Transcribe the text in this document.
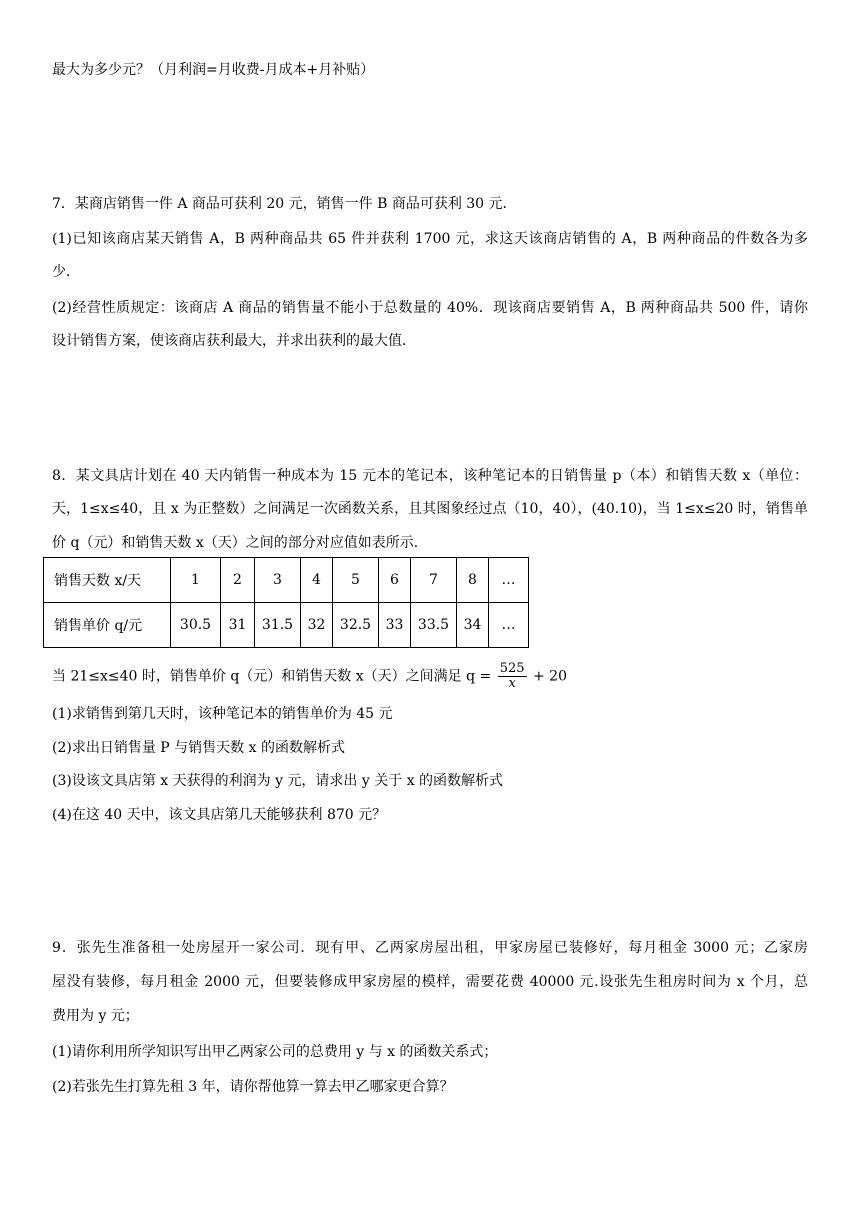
最大为多少元？（月利润=月收费-月成本+月补贴）
7．某商店销售一件 A 商品可获利 20 元，销售一件 B 商品可获利 30 元．
(1)已知该商店某天销售 A，B 两种商品共 65 件并获利 1700 元，求这天该商店销售的 A，B 两种商品的件数各为多
少．
(2)经营性质规定：该商店 A 商品的销售量不能小于总数量的 40%．现该商店要销售 A，B 两种商品共 500 件，请你
设计销售方案，使该商店获利最大，并求出获利的最大值．
8．某文具店计划在 40 天内销售一种成本为 15 元本的笔记本，该种笔记本的日销售量 p（本）和销售天数 x（单位：
天，1≤x≤40，且 x 为正整数）之间满足一次函数关系，且其图象经过点（10，40），(40.10)，当 1≤x≤20 时，销售单
价 q（元）和销售天数 x（天）之间的部分对应值如表所示．
销售天数 x/天	1	2	3	4	5	6	7	8	…
销售单价 q/元	30.5	31	31.5	32	32.5	33	33.5	34	…
当 21≤x≤40 时，销售单价 q（元）和销售天数 x（天）之间满足 $q = \frac{525}{x} + 20$
(1)求销售到第几天时，该种笔记本的销售单价为 45 元
(2)求出日销售量 P 与销售天数 x 的函数解析式
(3)设该文具店第 x 天获得的利润为 y 元，请求出 y 关于 x 的函数解析式
(4)在这 40 天中，该文具店第几天能够获利 870 元？
9．张先生准备租一处房屋开一家公司．现有甲、乙两家房屋出租，甲家房屋已装修好，每月租金 3000 元；乙家房
屋没有装修，每月租金 2000 元，但要装修成甲家房屋的模样，需要花费 40000 元.设张先生租房时间为 x 个月，总
费用为 y 元；
(1)请你利用所学知识写出甲乙两家公司的总费用 y 与 x 的函数关系式；
(2)若张先生打算先租 3 年，请你帮他算一算去甲乙哪家更合算？
